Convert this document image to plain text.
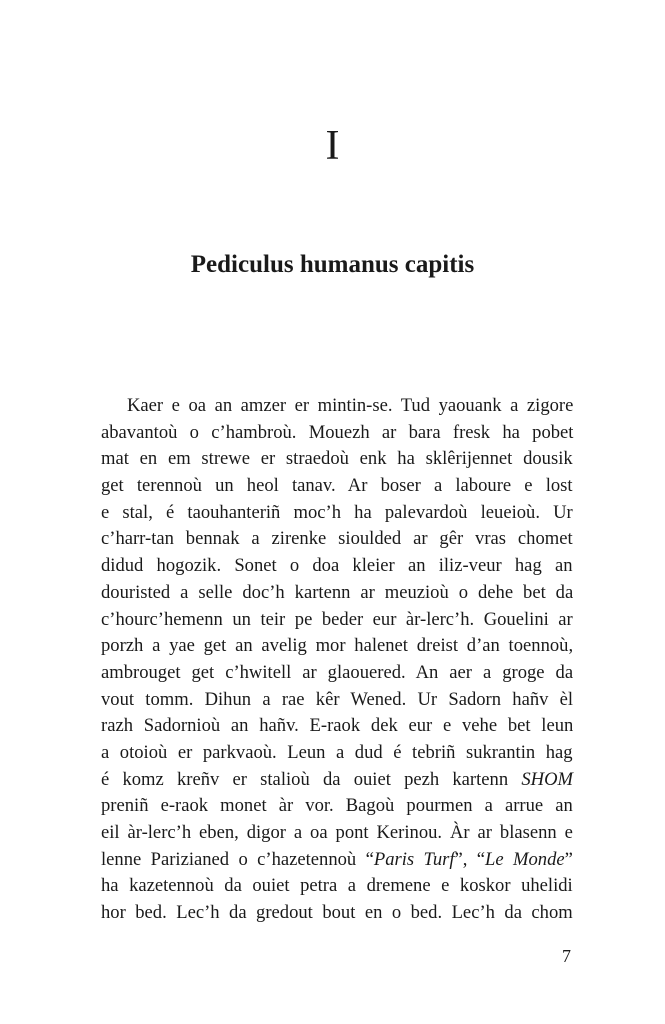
I
Pediculus humanus capitis
Kaer e oa an amzer er mintin-se. Tud yaouank a zigore
abavantoù o c’hambroù. Mouezh ar bara fresk ha pobet
mat en em strewe er straedoù enk ha sklêrijennet dousik
get terennoù un heol tanav. Ar boser a laboure e lost
e stal, é taouhanteriñ moc’h ha palevardoù leueioù. Ur
c’harr-tan bennak a zirenke sioulded ar gêr vras chomet
didud hogozik. Sonet o doa kleier an iliz-veur hag an
douristed a selle doc’h kartenn ar meuzioù o dehe bet da
c’hourc’hemenn un teir pe beder eur àr-lerc’h. Gouelini ar
porzh a yae get an avelig mor halenet dreist d’an toennoù,
ambrouget get c’hwitell ar glaouered. An aer a groge da
vout tomm. Dihun a rae kêr Wened. Ur Sadorn hañv èl
razh Sadornioù an hañv. E-raok dek eur e vehe bet leun
a otoioù er parkvaoù. Leun a dud é tebriñ sukrantin hag
é komz kreñv er stalioù da ouiet pezh kartenn SHOM
preniñ e-raok monet àr vor. Bagoù pourmen a arrue an
eil àr-lerc’h eben, digor a oa pont Kerinou. Àr ar blasenn e
lenne Parizianed o c’hazetennoù “Paris Turf”, “Le Monde”
ha kazetennoù da ouiet petra a dremene e koskor uhelidi
hor bed. Lec’h da gredout bout en o bed. Lec’h da chom
7
